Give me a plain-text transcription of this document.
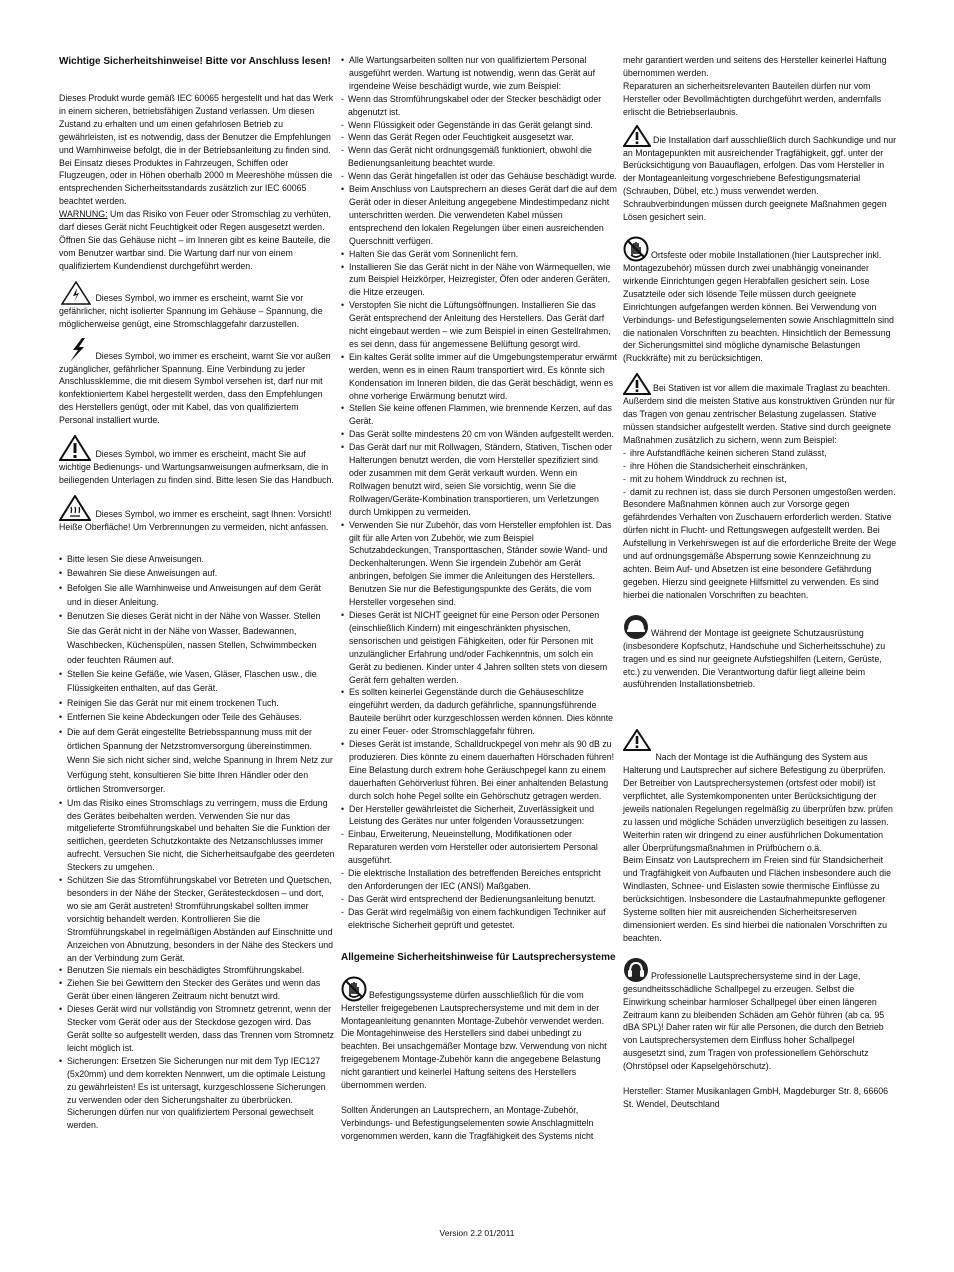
Wichtige Sicherheitshinweise! Bitte vor Anschluss lesen!

Dieses Produkt wurde gemäß IEC 60065 hergestellt und hat das Werk in einem sicheren, betriebsfähigen Zustand verlassen. Um diesen Zustand zu erhalten und um einen gefahrlosen Betrieb zu gewährleisten, ist es notwendig, dass der Benutzer die Empfehlungen und Warnhinweise befolgt, die in der Betriebsanleitung zu finden sind. Bei Einsatz dieses Produktes in Fahrzeugen, Schiffen oder Flugzeugen, oder in Höhen oberhalb 2000 m Meereshöhe müssen die entsprechenden Sicherheitsstandards zusätzlich zur IEC 60065 beachtet werden.

WARNUNG: Um das Risiko von Feuer oder Stromschlag zu verhüten, darf dieses Gerät nicht Feuchtigkeit oder Regen ausgesetzt werden. Öffnen Sie das Gehäuse nicht – im Inneren gibt es keine Bauteile, die vom Benutzer wartbar sind. Die Wartung darf nur von einem qualifiziertem Kundendienst durchgeführt werden.

Dieses Symbol, wo immer es erscheint, warnt Sie vor gefährlicher, nicht isolierter Spannung im Gehäuse – Spannung, die möglicherweise genügt, eine Stromschlaggefahr darzustellen.

Dieses Symbol, wo immer es erscheint, warnt Sie vor außen zugänglicher, gefährlicher Spannung. Eine Verbindung zu jeder Anschlussklemme, die mit diesem Symbol versehen ist, darf nur mit konfektioniertem Kabel hergestellt werden, dass den Empfehlungen des Herstellers genügt, oder mit Kabel, das von qualifiziertem Personal installiert wurde.

Dieses Symbol, wo immer es erscheint, macht Sie auf wichtige Bedienungs- und Wartungsanweisungen aufmerksam, die in beiliegenden Unterlagen zu finden sind. Bitte lesen Sie das Handbuch.

Dieses Symbol, wo immer es erscheint, sagt Ihnen: Vorsicht! Heiße Oberfläche! Um Verbrennungen zu vermeiden, nicht anfassen.

• Bitte lesen Sie diese Anweisungen.
• Bewahren Sie diese Anweisungen auf.
• Befolgen Sie alle Warnhinweise und Anweisungen auf dem Gerät und in dieser Anleitung.
• Benutzen Sie dieses Gerät nicht in der Nähe von Wasser. Stellen Sie das Gerät nicht in der Nähe von Wasser, Badewannen, Waschbecken, Küchenspülen, nassen Stellen, Schwimmbecken oder feuchten Räumen auf.
• Stellen Sie keine Gefäße, wie Vasen, Gläser, Flaschen usw., die Flüssigkeiten enthalten, auf das Gerät.
• Reinigen Sie das Gerät nur mit einem trockenen Tuch.
• Entfernen Sie keine Abdeckungen oder Teile des Gehäuses.
• Die auf dem Gerät eingestellte Betriebsspannung muss mit der örtlichen Spannung der Netzstromversorgung übereinstimmen. Wenn Sie sich nicht sicher sind, welche Spannung in Ihrem Netz zur Verfügung steht, konsultieren Sie bitte Ihren Händler oder den örtlichen Stromversorger.
• Um das Risiko eines Stromschlags zu verringern, muss die Erdung des Gerätes beibehalten werden. Verwenden Sie nur das mitgelieferte Stromführungskabel und behalten Sie die Funktion der seitlichen, geerdeten Schutzkontakte des Netzanschlusses immer aufrecht. Versuchen Sie nicht, die Sicherheitsaufgabe des geerdeten Steckers zu umgehen.
• Schützen Sie das Stromführungskabel vor Betreten und Quetschen, besonders in der Nähe der Stecker, Gerätesteckdosen – und dort, wo sie am Gerät austreten! Stromführungskabel sollten immer vorsichtig behandelt werden. Kontrollieren Sie die Stromführungskabel in regelmäßigen Abständen auf Einschnitte und Anzeichen von Abnutzung, besonders in der Nähe des Steckers und an der Verbindung zum Gerät.
• Benutzen Sie niemals ein beschädigtes Stromführungskabel.
• Ziehen Sie bei Gewittern den Stecker des Gerätes und wenn das Gerät über einen längeren Zeitraum nicht benutzt wird.
• Dieses Gerät wird nur vollständig von Stromnetz getrennt, wenn der Stecker vom Gerät oder aus der Steckdose gezogen wird. Das Gerät sollte so aufgestellt werden, dass das Trennen vom Stromnetz leicht möglich ist.
• Sicherungen: Ersetzen Sie Sicherungen nur mit dem Typ IEC127 (5x20mm) und dem korrekten Nennwert, um die optimale Leistung zu gewährleisten! Es ist untersagt, kurzgeschlossene Sicherungen zu verwenden oder den Sicherungshalter zu überbrücken. Sicherungen dürfen nur von qualifiziertem Personal gewechselt werden.
• Alle Wartungsarbeiten sollten nur von qualifiziertem Personal ausgeführt werden. Wartung ist notwendig, wenn das Gerät auf irgendeine Weise beschädigt wurde, wie zum Beispiel:
- Wenn das Stromführungskabel oder der Stecker beschädigt oder abgenutzt ist.
- Wenn Flüssigkeit oder Gegenstände in das Gerät gelangt sind.
- Wenn das Gerät Regen oder Feuchtigkeit ausgesetzt war.
- Wenn das Gerät nicht ordnungsgemäß funktioniert, obwohl die Bedienungsanleitung beachtet wurde.
- Wenn das Gerät hingefallen ist oder das Gehäuse beschädigt wurde.
• Beim Anschluss von Lautsprechern an dieses Gerät darf die auf dem Gerät oder in dieser Anleitung angegebene Mindestimpedanz nicht unterschritten werden. Die verwendeten Kabel müssen entsprechend den lokalen Regelungen über einen ausreichenden Querschnitt verfügen.
• Halten Sie das Gerät vom Sonnenlicht fern.
• Installieren Sie das Gerät nicht in der Nähe von Wärmequellen, wie zum Beispiel Heizkörper, Heizregister, Öfen oder anderen Geräten, die Hitze erzeugen.
• Verstopfen Sie nicht die Lüftungsöffnungen. Installieren Sie das Gerät entsprechend der Anleitung des Herstellers. Das Gerät darf nicht eingebaut werden – wie zum Beispiel in einen Gestellrahmen, es sei denn, dass für angemessene Belüftung gesorgt wird.
• Ein kaltes Gerät sollte immer auf die Umgebungstemperatur erwärmt werden, wenn es in einen Raum transportiert wird. Es könnte sich Kondensation im Inneren bilden, die das Gerät beschädigt, wenn es ohne vorherige Erwärmung benutzt wird.
• Stellen Sie keine offenen Flammen, wie brennende Kerzen, auf das Gerät.
• Das Gerät sollte mindestens 20 cm von Wänden aufgestellt werden.
• Das Gerät darf nur mit Rollwagen, Ständern, Stativen, Tischen oder Halterungen benutzt werden, die vom Hersteller spezifiziert sind oder zusammen mit dem Gerät verkauft wurden. Wenn ein Rollwagen benutzt wird, seien Sie vorsichtig, wenn Sie die Rollwagen/Geräte-Kombination transportieren, um Verletzungen durch Umkippen zu vermeiden.
• Verwenden Sie nur Zubehör, das vom Hersteller empfohlen ist. Das gilt für alle Arten von Zubehör, wie zum Beispiel Schutzabdeckungen, Transporttaschen, Ständer sowie Wand- und Deckenhalterungen. Wenn Sie irgendein Zubehör am Gerät anbringen, befolgen Sie immer die Anleitungen des Herstellers. Benutzen Sie nur die Befestigungspunkte des Geräts, die vom Hersteller vorgesehen sind.
• Dieses Gerät ist NICHT geeignet für eine Person oder Personen (einschließlich Kindern) mit eingeschränkten physischen, sensorischen und geistigen Fähigkeiten, oder für Personen mit unzulänglicher Erfahrung und/oder Fachkenntnis, um solch ein Gerät zu bedienen. Kinder unter 4 Jahren sollten stets von diesem Gerät fern gehalten werden.
• Es sollten keinerlei Gegenstände durch die Gehäuseschlitze eingeführt werden, da dadurch gefährliche, spannungsführende Bauteile berührt oder kurzgeschlossen werden können. Dies könnte zu einer Feuer- oder Stromschlaggefahr führen.
• Dieses Gerät ist imstande, Schalldruckpegel von mehr als 90 dB zu produzieren. Dies könnte zu einem dauerhaften Hörschaden führen! Eine Belastung durch extrem hohe Geräuschpegel kann zu einem dauerhaften Gehörverlust führen. Bei einer anhaltenden Belastung durch solch hohe Pegel sollte ein Gehörschutz getragen werden.
• Der Hersteller gewährleistet die Sicherheit, Zuverlässigkeit und Leistung des Gerätes nur unter folgenden Voraussetzungen:
- Einbau, Erweiterung, Neueinstellung, Modifikationen oder Reparaturen werden vom Hersteller oder autorisiertem Personal ausgeführt.
- Die elektrische Installation des betreffenden Bereiches entspricht den Anforderungen der IEC (ANSI) Maßgaben.
- Das Gerät wird entsprechend der Bedienungsanleitung benutzt.
- Das Gerät wird regelmäßig von einem fachkundigen Techniker auf elektrische Sicherheit geprüft und getestet.
Allgemeine Sicherheitshinweise für Lautsprechersysteme

Befestigungssysteme dürfen ausschließlich für die vom Hersteller freigegebenen Lautsprechersysteme und mit dem in der Montageanleitung genannten Montage-Zubehör verwendet werden. Die Montagehinweise des Herstellers sind dabei unbedingt zu beachten. Bei unsachgemäßer Montage bzw. Verwendung von nicht freigegebenem Montage-Zubehör kann die angegebene Belastung nicht garantiert und keinerlei Haftung seitens des Herstellers übernommen werden.

Sollten Änderungen an Lautsprechern, an Montage-Zubehör, Verbindungs- und Befestigungselementen sowie Anschlagmitteln vorgenommen werden, kann die Tragfähigkeit des Systems nicht

mehr garantiert werden und seitens des Hersteller keinerlei Haftung übernommen werden.
Reparaturen an sicherheitsrelevanten Bauteilen dürfen nur vom Hersteller oder Bevollmächtigten durchgeführt werden, andernfalls erlischt die Betriebserlaubnis.

Die Installation darf ausschließlich durch Sachkundige und nur an Montagepunkten mit ausreichender Tragfähigkeit, ggf. unter der Berücksichtigung von Bauauflagen, erfolgen. Das vom Hersteller in der Montageanleitung vorgeschriebene Befestigungsmaterial (Schrauben, Dübel, etc.) muss verwendet werden. Schraubverbindungen müssen durch geeignete Maßnahmen gegen Lösen gesichert sein.

Ortsfeste oder mobile Installationen (hier Lautsprecher inkl. Montagezubehör) müssen durch zwei unabhängig voneinander wirkende Einrichtungen gegen Herabfallen gesichert sein. Lose Zusatzteile oder sich lösende Teile müssen durch geeignete Einrichtungen aufgefangen werden können. Bei Verwendung von Verbindungs- und Befestigungselementen sowie Anschlagmitteln sind die nationalen Vorschriften zu beachten. Hinsichtlich der Bemessung der Sicherungsmittel sind mögliche dynamische Belastungen (Ruckkräfte) mit zu berücksichtigen.

Bei Stativen ist vor allem die maximale Traglast zu beachten. Außerdem sind die meisten Stative aus konstruktiven Gründen nur für das Tragen von genau zentrischer Belastung zugelassen. Stative müssen standsicher aufgestellt werden. Stative sind durch geeignete Maßnahmen zusätzlich zu sichern, wenn zum Beispiel:

- ihre Aufstandfläche keinen sicheren Stand zulässt,
- ihre Höhen die Standsicherheit einschränken,
- mit zu hohem Winddruck zu rechnen ist,
- damit zu rechnen ist, dass sie durch Personen umgestoßen werden.

Besondere Maßnahmen können auch zur Vorsorge gegen gefährdendes Verhalten von Zuschauern erforderlich werden. Stative dürfen nicht in Flucht- und Rettungswegen aufgestellt werden. Bei Aufstellung in Verkehrswegen ist auf die erforderliche Breite der Wege und auf ordnungsgemäße Absperrung sowie Kennzeichnung zu achten. Beim Auf- und Absetzen ist eine besondere Gefährdung gegeben. Hierzu sind geeignete Hilfsmittel zu verwenden. Es sind hierbei die nationalen Vorschriften zu beachten.

Während der Montage ist geeignete Schutzausrüstung (insbesondere Kopfschutz, Handschuhe und Sicherheitsschuhe) zu tragen und es sind nur geeignete Aufstiegshilfen (Leitern, Gerüste, etc.) zu verwenden. Die Verantwortung dafür liegt alleine beim ausführenden Installationsbetrieb.

Nach der Montage ist die Aufhängung des System aus Halterung und Lautsprecher auf sichere Befestigung zu überprüfen.
Der Betreiber von Lautsprechersystemen (ortsfest oder mobil) ist verpflichtet, alle Systemkomponenten unter Berücksichtigung der jeweils nationalen Regelungen regelmäßig zu überprüfen bzw. prüfen zu lassen und mögliche Schäden unverzüglich beseitigen zu lassen.
Weiterhin raten wir dringend zu einer ausführlichen Dokumentation aller Überprüfungsmaßnahmen in Prüfbüchern o.ä.
Beim Einsatz von Lautsprechern im Freien sind für Standsicherheit und Tragfähigkeit von Aufbauten und Flächen insbesondere auch die Windlasten, Schnee- und Eislasten sowie thermische Einflüsse zu berücksichtigen. Insbesondere die Lastaufnahmepunkte geflogener Systeme sollten hier mit ausreichenden Sicherheitsreserven dimensioniert werden. Es sind hierbei die nationalen Vorschriften zu beachten.

Professionelle Lautsprechersysteme sind in der Lage, gesundheitsschädliche Schallpegel zu erzeugen. Selbst die Einwirkung scheinbar harmloser Schallpegel über einen längeren Zeitraum kann zu bleibenden Schäden am Gehör führen (ab ca. 95 dBA SPL)! Daher raten wir für alle Personen, die durch den Betrieb von Lautsprechersystemen dem Einfluss hoher Schallpegel ausgesetzt sind, zum Tragen von professionellem Gehörschutz (Ohrstöpsel oder Kapselgehörschutz).

Hersteller: Stamer Musikanlagen GmbH, Magdeburger Str. 8, 66606 St. Wendel, Deutschland

Version 2.2 01/2011
